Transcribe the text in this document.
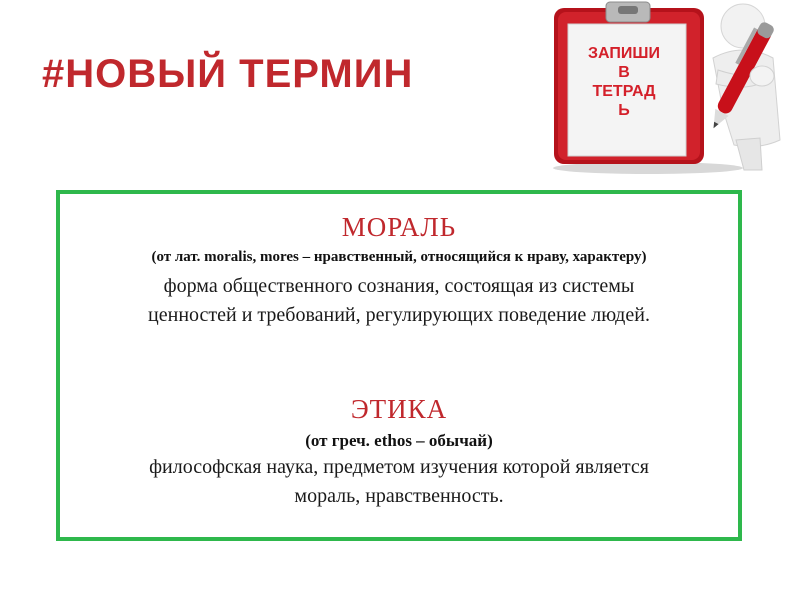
#НОВЫЙ ТЕРМИН	ЗАПИШИ
В
ТЕТРАД
Ь
МОРАЛЬ
(от лат. moralis, mores – нравственный, относящийся к нраву, характеру)
форма общественного сознания, состоящая из системы
ценностей и требований, регулирующих поведение людей.
ЭТИКА
(от греч. ethos – обычай)
философская наука, предметом изучения которой является
мораль, нравственность.
